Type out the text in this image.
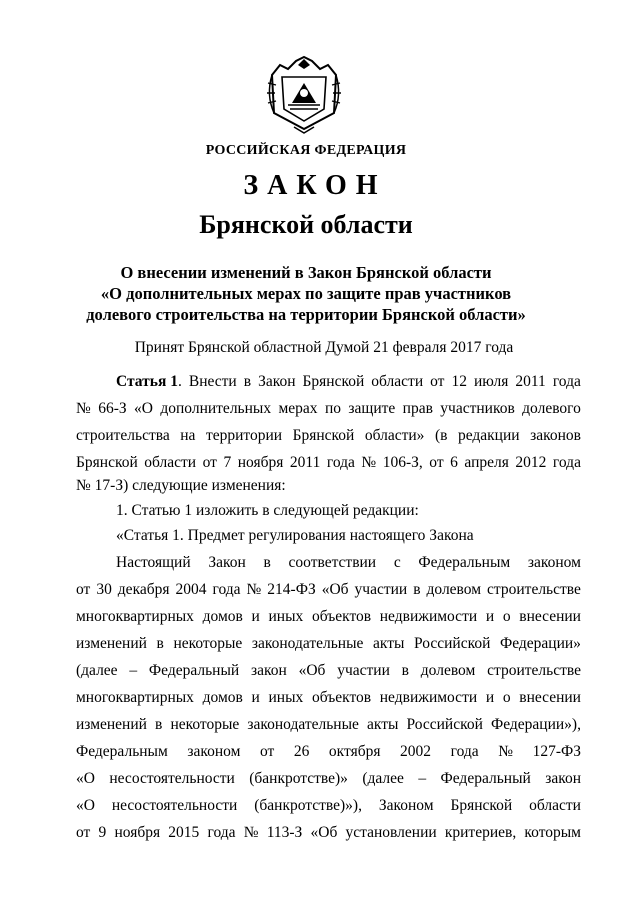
РОССИЙСКАЯ ФЕДЕРАЦИЯ
ЗАКОН
Брянской области
О внесении изменений в Закон Брянской области
«О дополнительных мерах по защите прав участников
долевого строительства на территории Брянской области»
Принят Брянской областной Думой 21 февраля 2017 года
Статья 1. Внести в Закон Брянской области от 12 июля 2011 года
№ 66-З «О дополнительных мерах по защите прав участников долевого
строительства на территории Брянской области» (в редакции законов
Брянской области от 7 ноября 2011 года № 106-З, от 6 апреля 2012 года
№ 17-З) следующие изменения:
1. Статью 1 изложить в следующей редакции:
«Статья 1. Предмет регулирования настоящего Закона
Настоящий Закон в соответствии с Федеральным законом
от 30 декабря 2004 года № 214-ФЗ «Об участии в долевом строительстве
многоквартирных домов и иных объектов недвижимости и о внесении
изменений в некоторые законодательные акты Российской Федерации»
(далее – Федеральный закон «Об участии в долевом строительстве
многоквартирных домов и иных объектов недвижимости и о внесении
изменений в некоторые законодательные акты Российской Федерации»),
Федеральным законом от 26 октября 2002 года № 127-ФЗ
«О несостоятельности (банкротстве)» (далее – Федеральный закон
«О несостоятельности (банкротстве)»), Законом Брянской области
от 9 ноября 2015 года № 113-З «Об установлении критериев, которым
